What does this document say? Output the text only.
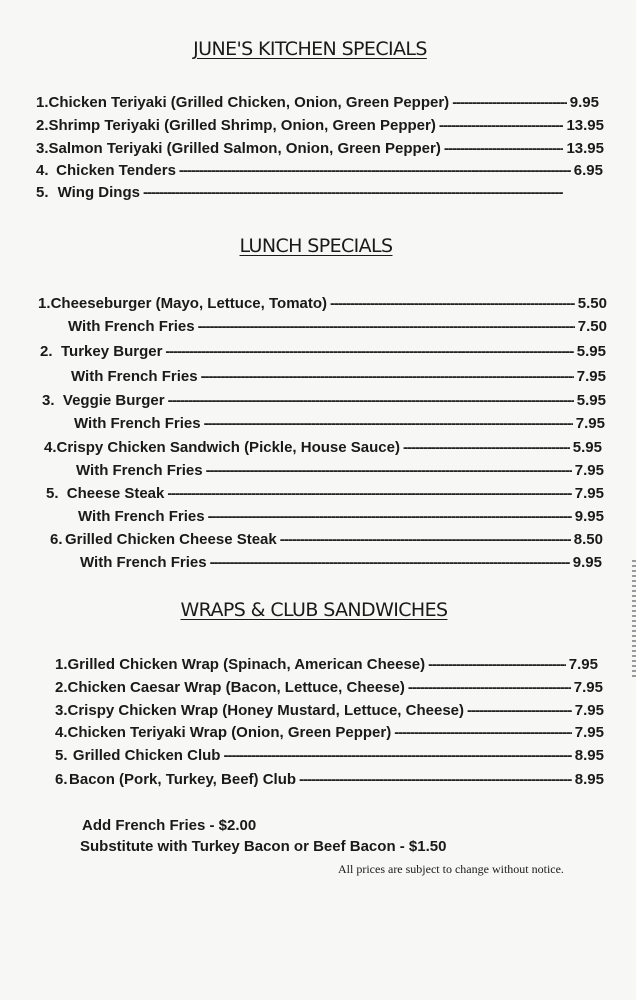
JUNE'S KITCHEN SPECIALS
1. Chicken Teriyaki (Grilled Chicken, Onion, Green Pepper) -----	9.95
2. Shrimp Teriyaki (Grilled Shrimp, Onion, Green Pepper) -----	13.95
3. Salmon Teriyaki (Grilled Salmon, Onion, Green Pepper) -----	13.95
4. Chicken Tenders -----	6.95
5. Wing Dings
-----
LUNCH SPECIALS
1. Cheeseburger (Mayo, Lettuce, Tomato) -----	5.50
With French Fries -----	7.50
2. Turkey Burger -----	5.95
With French Fries -----	7.95
3. Veggie Burger -----	5.95
With French Fries -----	7.95
4. Crispy Chicken Sandwich (Pickle, House Sauce) -----	5.95
With French Fries -----	7.95
5. Cheese Steak -----	7.95
With French Fries -----	9.95
6. Grilled Chicken Cheese Steak -----	8.50
With French Fries -----	9.95
WRAPS & CLUB SANDWICHES
1. Grilled Chicken Wrap (Spinach, American Cheese) -----	7.95
2. Chicken Caesar Wrap (Bacon, Lettuce, Cheese) -----	7.95
3. Crispy Chicken Wrap (Honey Mustard, Lettuce, Cheese) -----	7.95
4. Chicken Teriyaki Wrap (Onion, Green Pepper) -----	7.95
5. Grilled Chicken Club -----	8.95
6. Bacon (Pork, Turkey, Beef) Club -----	8.95
Add French Fries - $2.00
Substitute with Turkey Bacon or Beef Bacon - $1.50
All prices are subject to change without notice.
